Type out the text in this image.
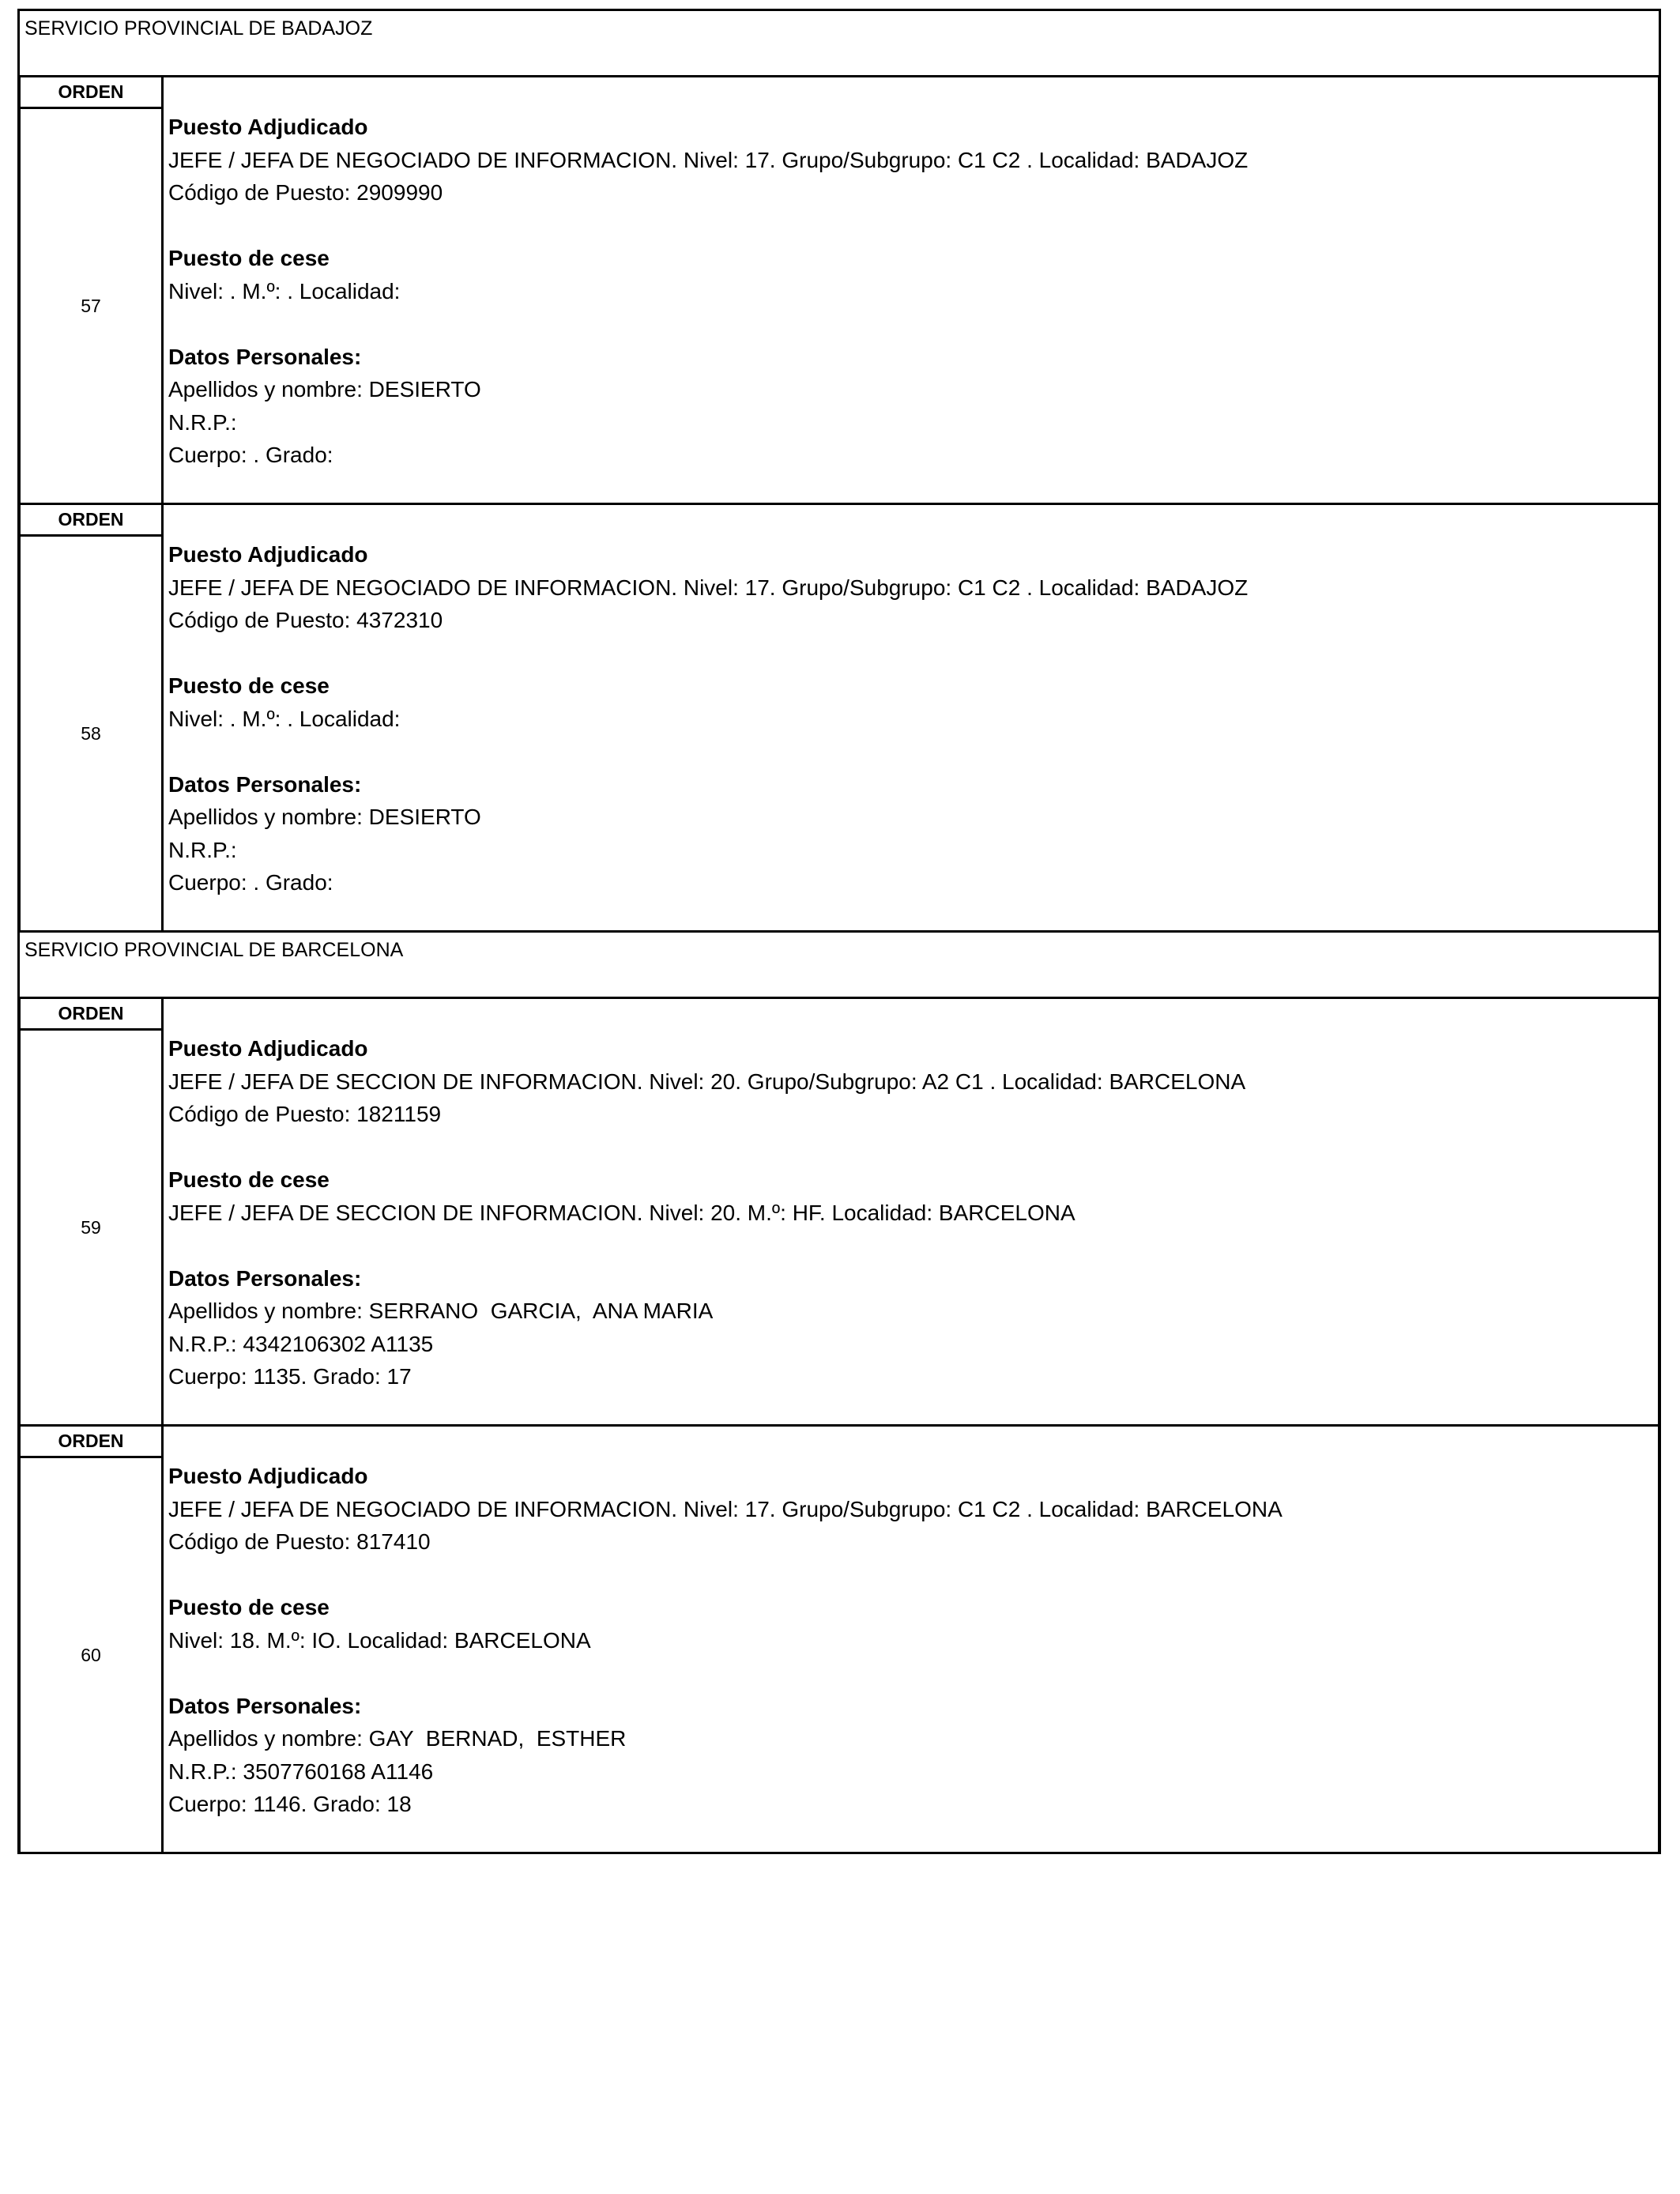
SERVICIO PROVINCIAL DE BADAJOZ
ORDEN
57
Puesto Adjudicado
JEFE / JEFA DE NEGOCIADO DE INFORMACION. Nivel: 17. Grupo/Subgrupo: C1 C2 . Localidad: BADAJOZ
Código de Puesto: 2909990
Puesto de cese
Nivel: . M.º: . Localidad:
Datos Personales:
Apellidos y nombre: DESIERTO
N.R.P.:
Cuerpo: . Grado:
ORDEN
58
Puesto Adjudicado
JEFE / JEFA DE NEGOCIADO DE INFORMACION. Nivel: 17. Grupo/Subgrupo: C1 C2 . Localidad: BADAJOZ
Código de Puesto: 4372310
Puesto de cese
Nivel: . M.º: . Localidad:
Datos Personales:
Apellidos y nombre: DESIERTO
N.R.P.:
Cuerpo: . Grado:
SERVICIO PROVINCIAL DE BARCELONA
ORDEN
59
Puesto Adjudicado
JEFE / JEFA DE SECCION DE INFORMACION. Nivel: 20. Grupo/Subgrupo: A2 C1 . Localidad: BARCELONA
Código de Puesto: 1821159
Puesto de cese
JEFE / JEFA DE SECCION DE INFORMACION. Nivel: 20. M.º: HF. Localidad: BARCELONA
Datos Personales:
Apellidos y nombre: SERRANO  GARCIA,  ANA MARIA
N.R.P.: 4342106302 A1135
Cuerpo: 1135. Grado: 17
ORDEN
60
Puesto Adjudicado
JEFE / JEFA DE NEGOCIADO DE INFORMACION. Nivel: 17. Grupo/Subgrupo: C1 C2 . Localidad: BARCELONA
Código de Puesto: 817410
Puesto de cese
Nivel: 18. M.º: IO. Localidad: BARCELONA
Datos Personales:
Apellidos y nombre: GAY  BERNAD,  ESTHER
N.R.P.: 3507760168 A1146
Cuerpo: 1146. Grado: 18
